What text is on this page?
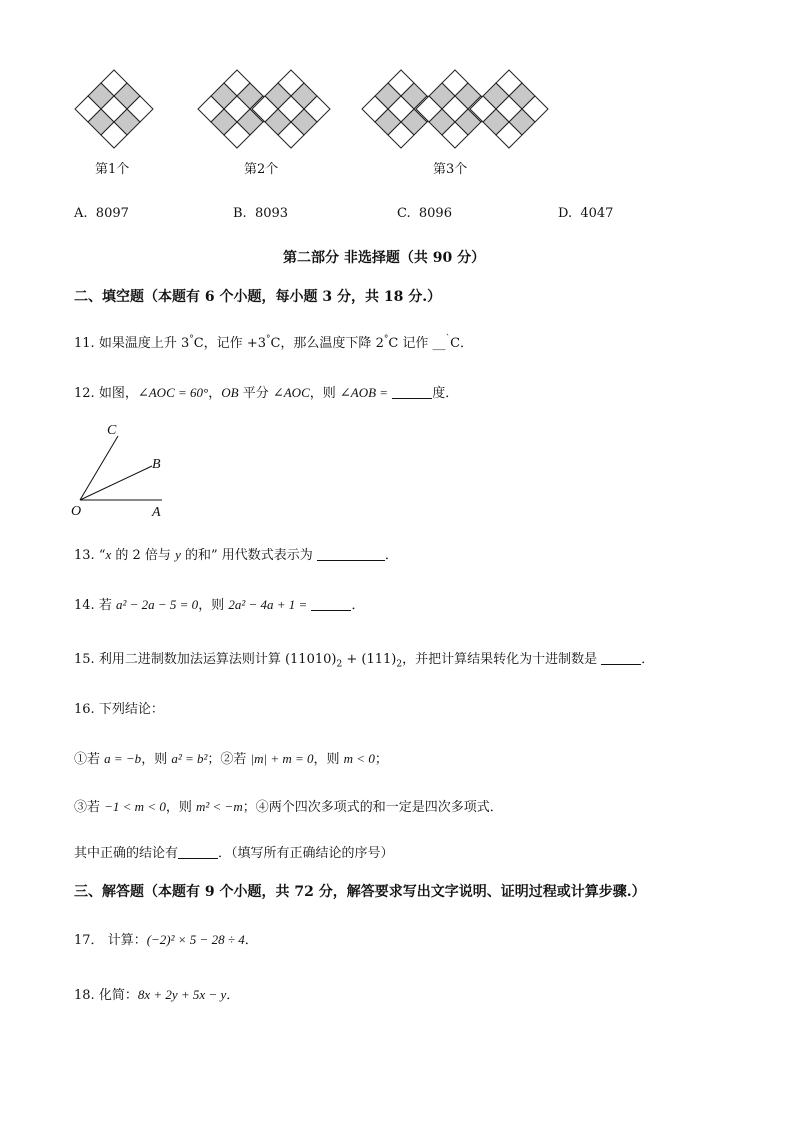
第1个	第2个	第3个
A. 8097	B. 8093	C. 8096	D. 4047
第二部分 非选择题（共 90 分）
二、填空题（本题有 6 个小题，每小题 3 分，共 18 分.）
11. 如果温度上升 3°C，记作 +3°C，那么温度下降 2°C 记作 __`C．
12. 如图，∠AOC = 60°，OB 平分 ∠AOC，则 ∠AOB =	度．
C
B
O	A
13. “x 的 2 倍与 y 的和” 用代数式表示为	．
14. 若 a² − 2a − 5 = 0，则 2a² − 4a + 1 =	．
15. 利用二进制数加法运算法则计算 $(11010)_2 + (111)_2$，并把计算结果转化为十进制数是	．
16. 下列结论：
①若 a = −b，则 a² = b²；②若 |m| + m = 0，则 m < 0；
③若 −1 < m < 0，则 m² < −m；④两个四次多项式的和一定是四次多项式．
其中正确的结论有	．（填写所有正确结论的序号）
三、解答题（本题有 9 个小题，共 72 分，解答要求写出文字说明、证明过程或计算步骤.）
17． 计算：(−2)² × 5 − 28 ÷ 4．
18. 化简：8x + 2y + 5x − y．
